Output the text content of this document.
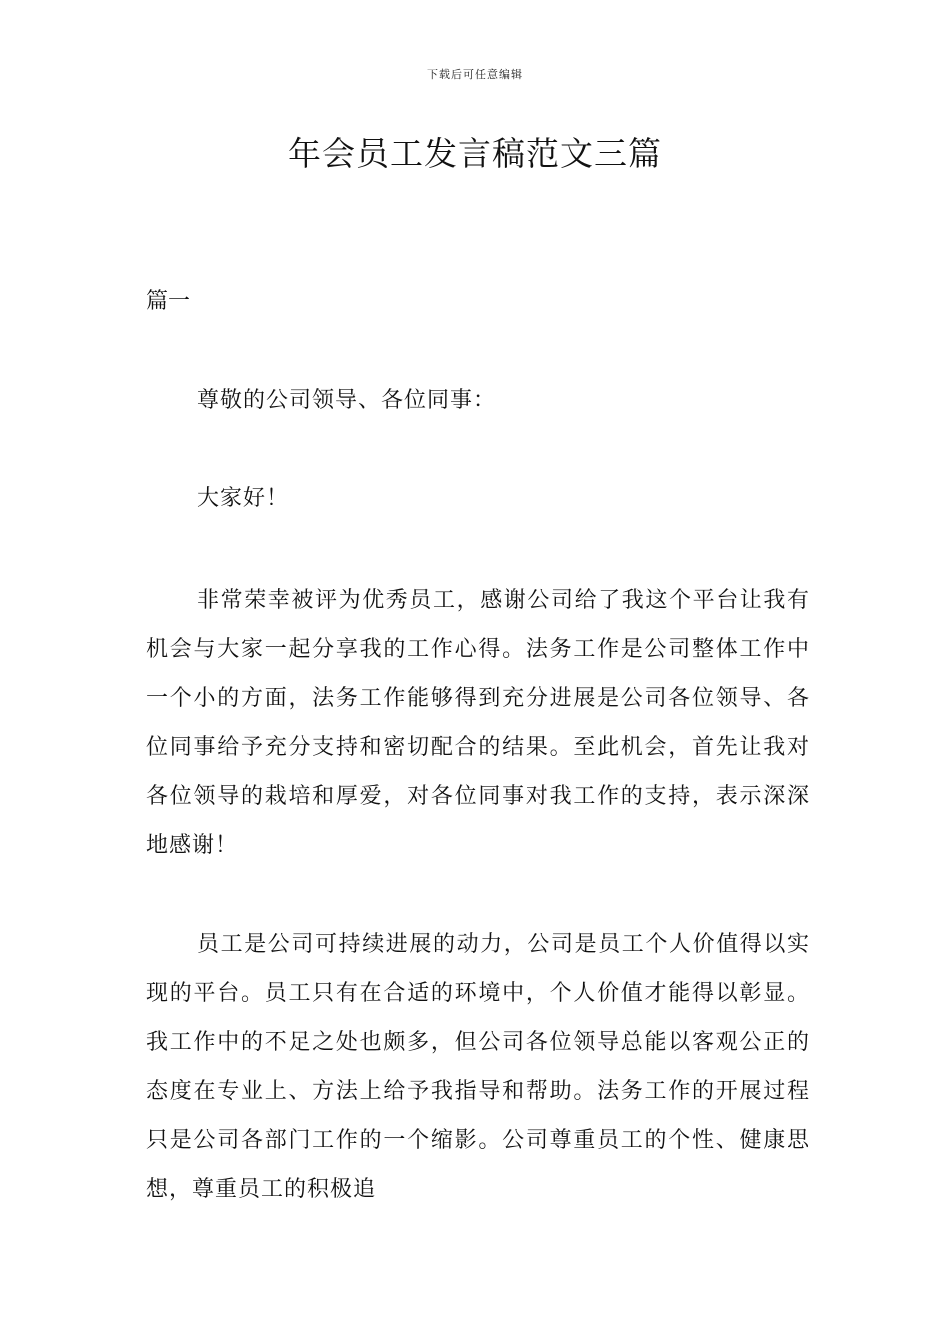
下载后可任意编辑
年会员工发言稿范文三篇
篇一

尊敬的公司领导、各位同事：

大家好！

非常荣幸被评为优秀员工，感谢公司给了我这个平台让我有机会与大家一起分享我的工作心得。法务工作是公司整体工作中一个小的方面，法务工作能够得到充分进展是公司各位领导、各位同事给予充分支持和密切配合的结果。至此机会，首先让我对各位领导的栽培和厚爱，对各位同事对我工作的支持，表示深深地感谢！

员工是公司可持续进展的动力，公司是员工个人价值得以实现的平台。员工只有在合适的环境中，个人价值才能得以彰显。我工作中的不足之处也颇多，但公司各位领导总能以客观公正的态度在专业上、方法上给予我指导和帮助。法务工作的开展过程只是公司各部门工作的一个缩影。公司尊重员工的个性、健康思想，尊重员工的积极追
